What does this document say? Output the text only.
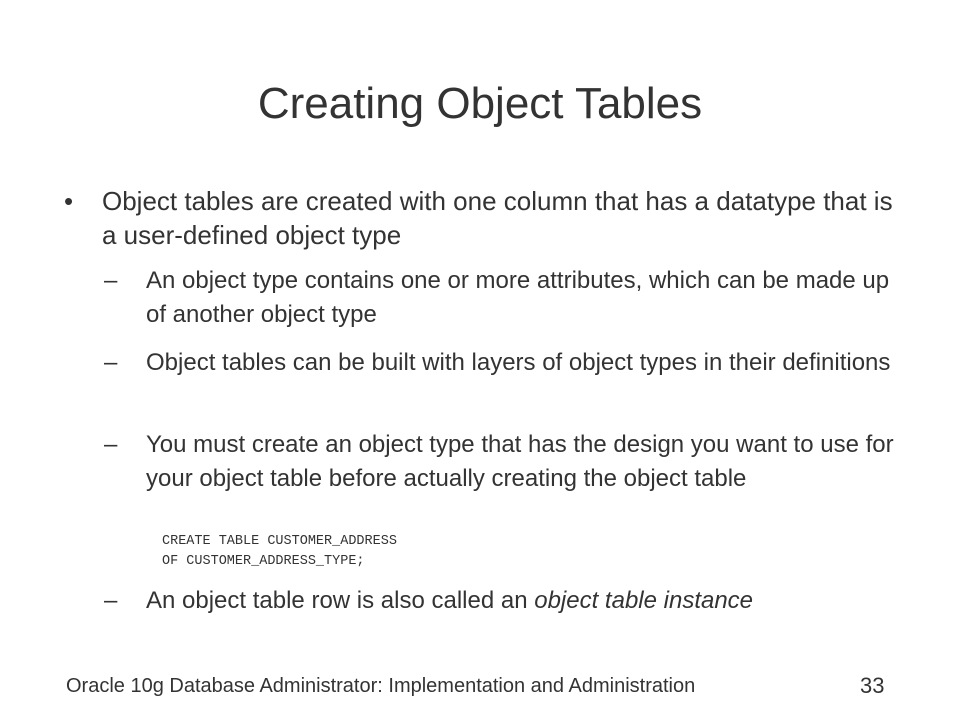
Creating Object Tables
• Object tables are created with one column that has a datatype that is a user-defined object type
– An object type contains one or more attributes, which can be made up of another object type
– Object tables can be built with layers of object types in their definitions
– You must create an object type that has the design you want to use for your object table before actually creating the object table
CREATE TABLE CUSTOMER_ADDRESS
OF CUSTOMER_ADDRESS_TYPE;
– An object table row is also called an object table instance
Oracle 10g Database Administrator: Implementation and Administration	33
